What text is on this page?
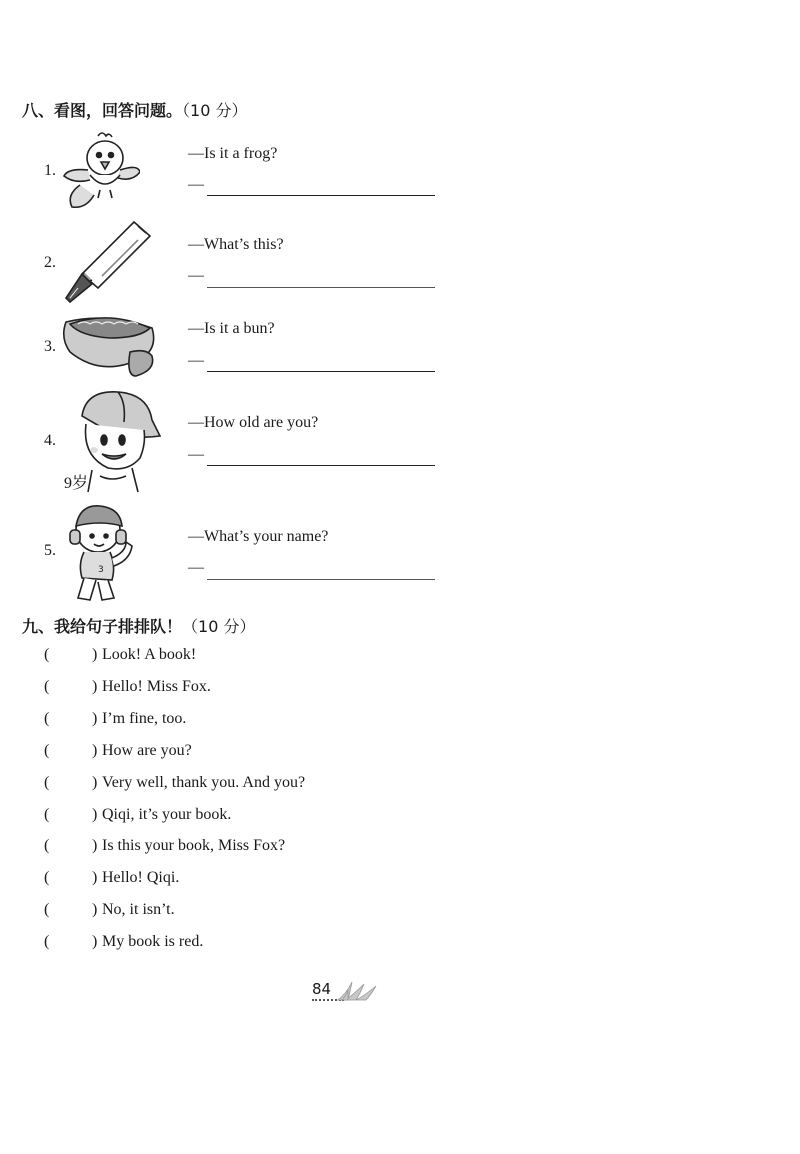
八、看图，回答问题。（10 分）
1.
—Is it a frog?
—
2.
—What’s this?
—
3.
—Is it a bun?
—
4.
9岁
—How old are you?
—
5.
3
—What’s your name?
—
九、我给句子排排队！（10 分）
(	) Look! A book!
(	) Hello! Miss Fox.
(	) I’m fine, too.
(	) How are you?
(	) Very well, thank you. And you?
(	) Qiqi, it’s your book.
(	) Is this your book, Miss Fox?
(	) Hello! Qiqi.
(	) No, it isn’t.
(	) My book is red.
84
